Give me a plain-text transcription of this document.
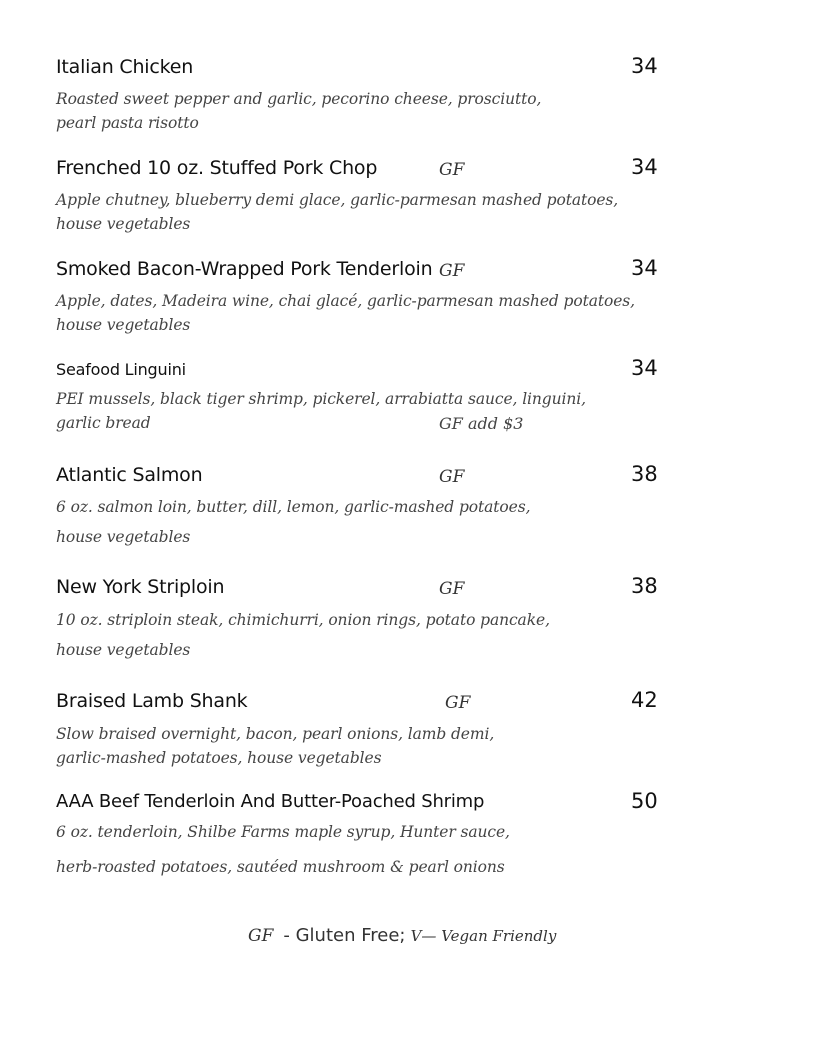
Italian Chicken	34
Roasted sweet pepper and garlic, pecorino cheese, prosciutto,
pearl pasta risotto
Frenched 10 oz. Stuffed Pork Chop	GF	34
Apple chutney, blueberry demi glace, garlic-parmesan mashed potatoes,
house vegetables
Smoked Bacon-Wrapped Pork Tenderloin GF	34
Apple, dates, Madeira wine, chai glacé, garlic-parmesan mashed potatoes,
house vegetables
Seafood Linguini	34
PEI mussels, black tiger shrimp, pickerel, arrabiatta sauce, linguini,
garlic bread	GF add $3
Atlantic Salmon	GF	38
6 oz. salmon loin, butter, dill, lemon, garlic-mashed potatoes,
house vegetables
New York Striploin	GF	38
10 oz. striploin steak, chimichurri, onion rings, potato pancake,
house vegetables
Braised Lamb Shank	GF	42
Slow braised overnight, bacon, pearl onions, lamb demi,
garlic-mashed potatoes, house vegetables
AAA Beef Tenderloin And Butter-Poached Shrimp	50
6 oz. tenderloin, Shilbe Farms maple syrup, Hunter sauce,
herb-roasted potatoes, sautéed mushroom & pearl onions
GF - Gluten Free; V— Vegan Friendly
